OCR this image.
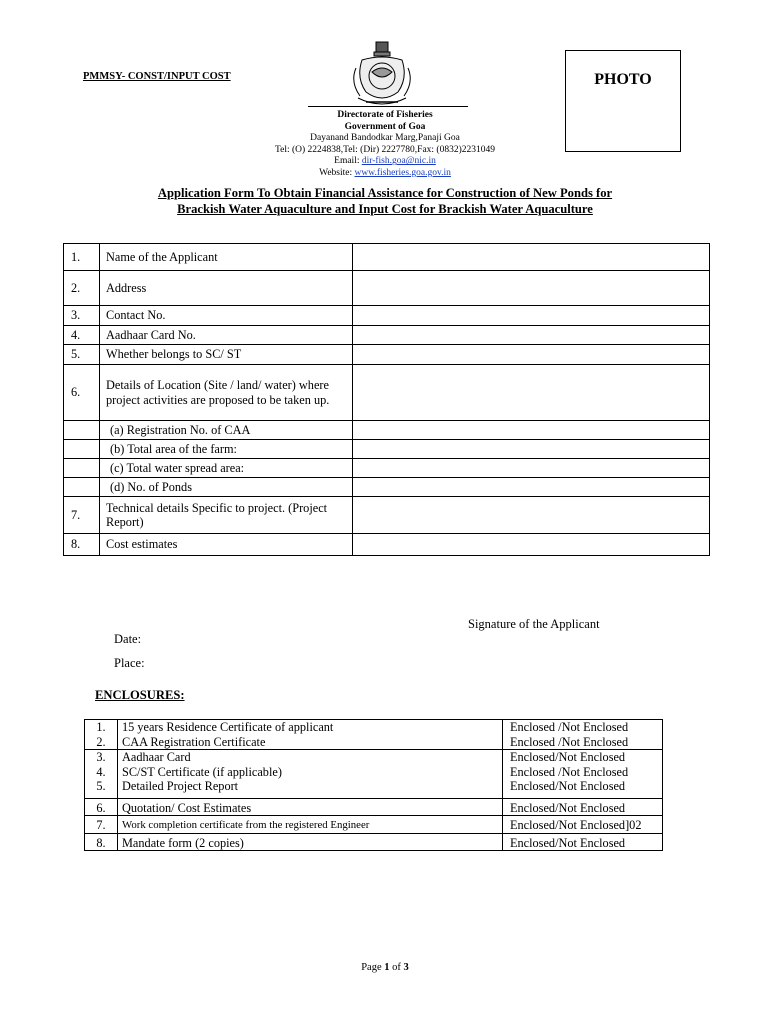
PMMSY- CONST/INPUT COST	PHOTO
Directorate of Fisheries
Government of Goa
Dayanand Bandodkar Marg,Panaji Goa
Tel: (O) 2224838,Tel: (Dir) 2227780,Fax: (0832)2231049
Email: dir-fish.goa@nic.in
Website: www.fisheries.goa.gov.in
Application Form To Obtain Financial Assistance for Construction of New Ponds for
Brackish Water Aquaculture and Input Cost for Brackish Water Aquaculture
1.	Name of the Applicant	
2.	Address	
3.	Contact No.	
4.	Aadhaar Card No.	
5.	Whether belongs to SC/ ST	
6.	Details of Location (Site / land/ water) where project activities are proposed to be taken up.	
	(a) Registration No. of CAA	
	(b) Total area of the farm:	
	(c) Total water spread area:	
	(d) No. of Ponds	
7.	Technical details Specific to project. (Project Report)	
8.	Cost estimates	
Signature of the Applicant
Date:
Place:
ENCLOSURES:
1.	15 years Residence Certificate of applicant	Enclosed /Not Enclosed
2.	CAA Registration Certificate	Enclosed /Not Enclosed
3.	Aadhaar Card	Enclosed/Not Enclosed
4.	SC/ST Certificate (if applicable)	Enclosed /Not Enclosed
5.	Detailed Project Report	Enclosed/Not Enclosed
6.	Quotation/ Cost Estimates	Enclosed/Not Enclosed
7.	Work completion certificate from the registered Engineer	Enclosed/Not Enclosed]02
8.	Mandate form (2 copies)	Enclosed/Not Enclosed
Page 1 of 3
